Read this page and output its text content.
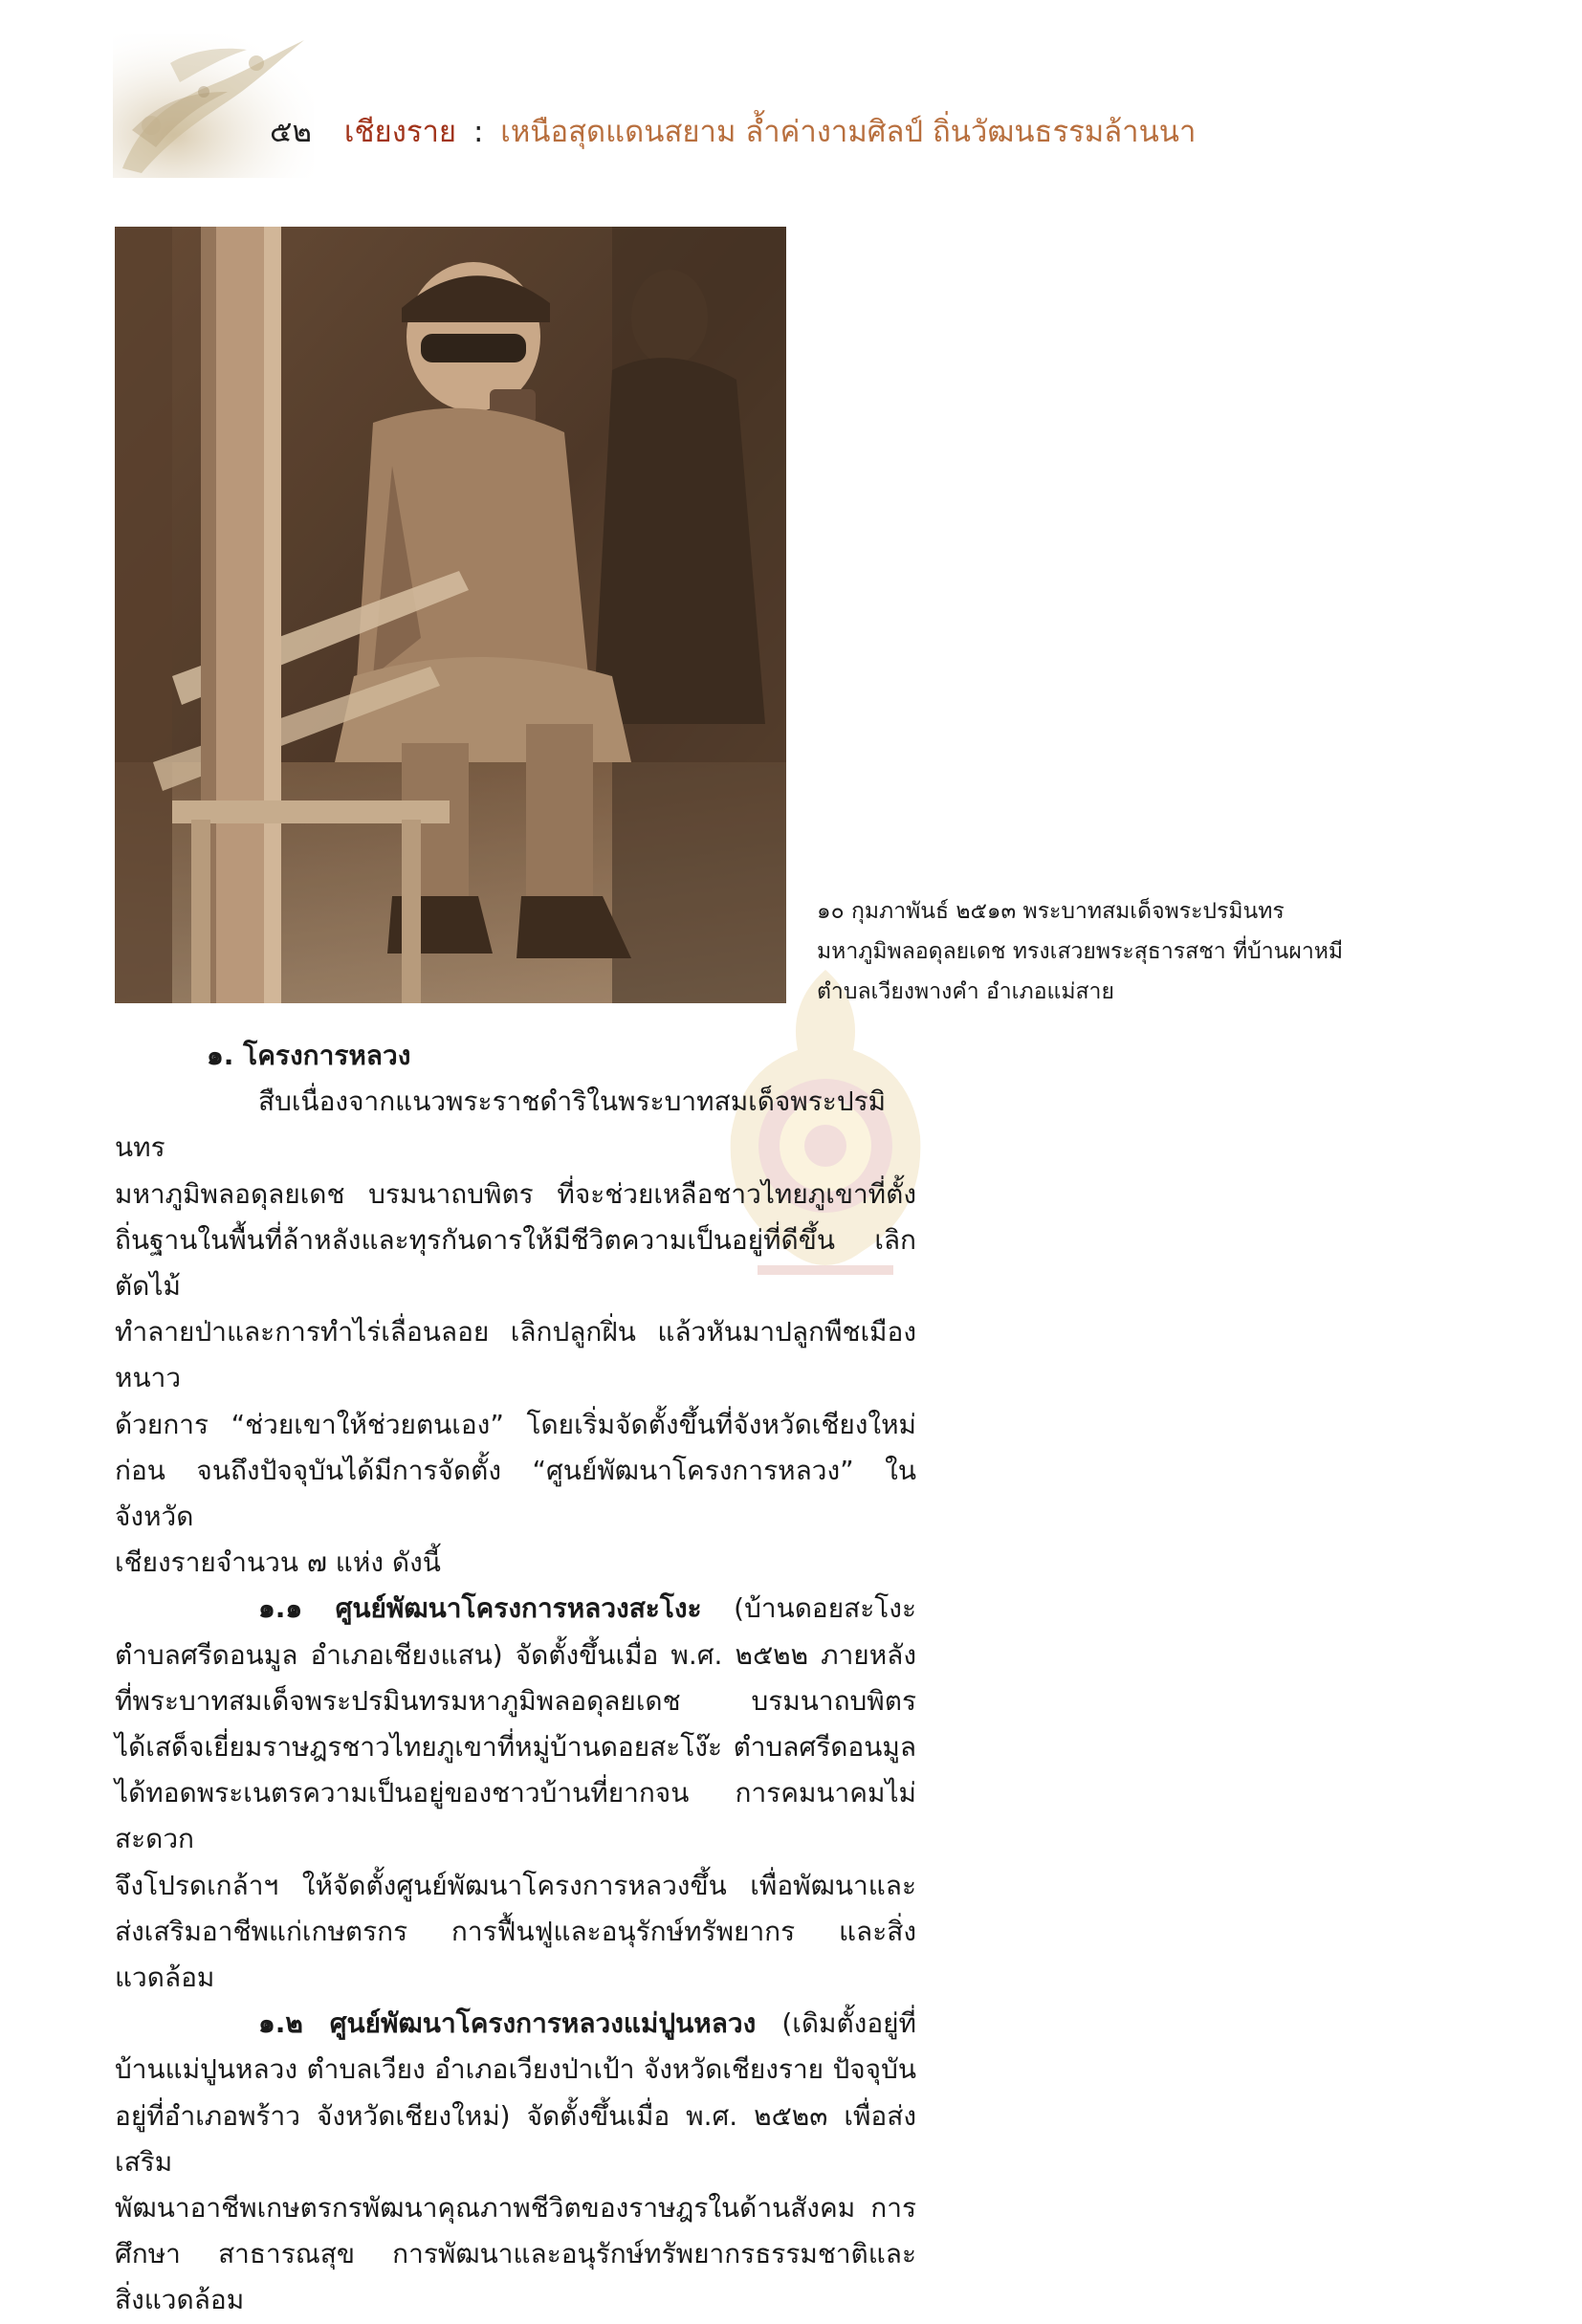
๕๒ เชียงราย : เหนือสุดแดนสยาม ล้ำค่างามศิลป์ ถิ่นวัฒนธรรมล้านนา

๑๐ กุมภาพันธ์ ๒๕๑๓ พระบาทสมเด็จพระปรมินทร

มหาภูมิพลอดุลยเดช ทรงเสวยพระสุธารสชา ที่บ้านผาหมี

ตำบลเวียงพางคำ อำเภอแม่สาย

๑. โครงการหลวง

สืบเนื่องจากแนวพระราชดำริในพระบาทสมเด็จพระปรมินทร

มหาภูมิพลอดุลยเดช บรมนาถบพิตร ที่จะช่วยเหลือชาวไทยภูเขาที่ตั้ง

ถิ่นฐานในพื้นที่ล้าหลังและทุรกันดารให้มีชีวิตความเป็นอยู่ที่ดีขึ้น เลิกตัดไม้

ทำลายป่าและการทำไร่เลื่อนลอย เลิกปลูกฝิ่น แล้วหันมาปลูกพืชเมืองหนาว

ด้วยการ “ช่วยเขาให้ช่วยตนเอง” โดยเริ่มจัดตั้งขึ้นที่จังหวัดเชียงใหม่

ก่อน จนถึงปัจจุบันได้มีการจัดตั้ง “ศูนย์พัฒนาโครงการหลวง” ในจังหวัด

เชียงรายจำนวน ๗ แห่ง ดังนี้

๑.๑ ศูนย์พัฒนาโครงการหลวงสะโงะ (บ้านดอยสะโงะ

ตำบลศรีดอนมูล อำเภอเชียงแสน) จัดตั้งขึ้นเมื่อ พ.ศ. ๒๕๒๒ ภายหลัง

ที่พระบาทสมเด็จพระปรมินทรมหาภูมิพลอดุลยเดช บรมนาถบพิตร

ได้เสด็จเยี่ยมราษฎรชาวไทยภูเขาที่หมู่บ้านดอยสะโง๊ะ ตำบลศรีดอนมูล

ได้ทอดพระเนตรความเป็นอยู่ของชาวบ้านที่ยากจน การคมนาคมไม่สะดวก

จึงโปรดเกล้าฯ ให้จัดตั้งศูนย์พัฒนาโครงการหลวงขึ้น เพื่อพัฒนาและ

ส่งเสริมอาชีพแก่เกษตรกร การฟื้นฟูและอนุรักษ์ทรัพยากร และสิ่งแวดล้อม

๑.๒ ศูนย์พัฒนาโครงการหลวงแม่ปูนหลวง (เดิมตั้งอยู่ที่

บ้านแม่ปูนหลวง ตำบลเวียง อำเภอเวียงป่าเป้า จังหวัดเชียงราย ปัจจุบัน

อยู่ที่อำเภอพร้าว จังหวัดเชียงใหม่) จัดตั้งขึ้นเมื่อ พ.ศ. ๒๕๒๓ เพื่อส่งเสริม

พัฒนาอาชีพเกษตรกรพัฒนาคุณภาพชีวิตของราษฎรในด้านสังคม การ

ศึกษา สาธารณสุข การพัฒนาและอนุรักษ์ทรัพยากรธรรมชาติและ

สิ่งแวดล้อม
